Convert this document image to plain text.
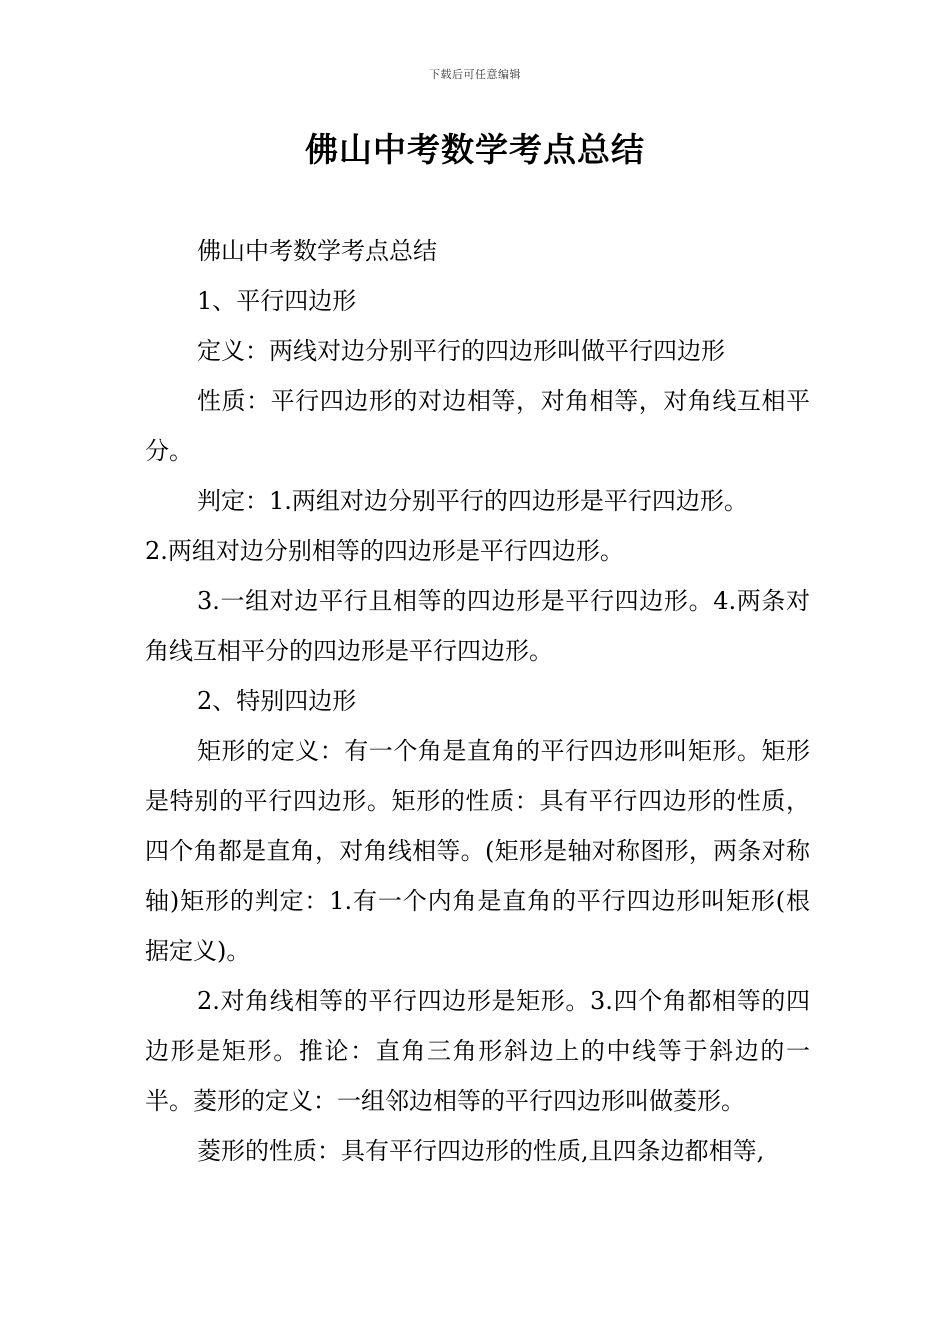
下载后可任意编辑
佛山中考数学考点总结

佛山中考数学考点总结

1、平行四边形

定义：两线对边分别平行的四边形叫做平行四边形

性质：平行四边形的对边相等，对角相等，对角线互相平分。

判定：1.两组对边分别平行的四边形是平行四边形。

2.两组对边分别相等的四边形是平行四边形。

3.一组对边平行且相等的四边形是平行四边形。4.两条对角线互相平分的四边形是平行四边形。

2、特别四边形

矩形的定义：有一个角是直角的平行四边形叫矩形。矩形是特别的平行四边形。矩形的性质：具有平行四边形的性质，四个角都是直角，对角线相等。(矩形是轴对称图形，两条对称轴)矩形的判定：1.有一个内角是直角的平行四边形叫矩形(根据定义)。

2.对角线相等的平行四边形是矩形。3.四个角都相等的四边形是矩形。推论：直角三角形斜边上的中线等于斜边的一半。菱形的定义：一组邻边相等的平行四边形叫做菱形。

菱形的性质：具有平行四边形的性质,且四条边都相等,
